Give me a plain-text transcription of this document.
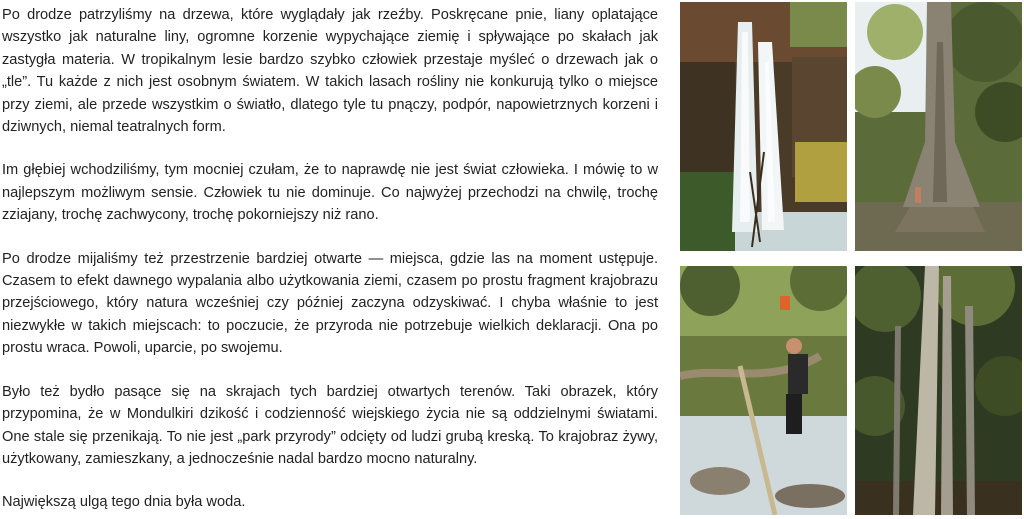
Po drodze patrzyliśmy na drzewa, które wyglądały jak rzeźby. Poskręcane pnie, liany oplatające wszystko jak naturalne liny, ogromne korzenie wypychające ziemię i spływające po skałach jak zastygła materia. W tropikalnym lesie bardzo szybko człowiek przestaje myśleć o drzewach jak o „tle”. Tu każde z nich jest osobnym światem. W takich lasach rośliny nie konkurują tylko o miejsce przy ziemi, ale przede wszystkim o światło, dlatego tyle tu pnączy, podpór, napowietrznych korzeni i dziwnych, niemal teatralnych form.

Im głębiej wchodziliśmy, tym mocniej czułam, że to naprawdę nie jest świat człowieka. I mówię to w najlepszym możliwym sensie. Człowiek tu nie dominuje. Co najwyżej przechodzi na chwilę, trochę zziajany, trochę zachwycony, trochę pokorniejszy niż rano.

Po drodze mijaliśmy też przestrzenie bardziej otwarte — miejsca, gdzie las na moment ustępuje. Czasem to efekt dawnego wypalania albo użytkowania ziemi, czasem po prostu fragment krajobrazu przejściowego, który natura wcześniej czy później zaczyna odzyskiwać. I chyba właśnie to jest niezwykłe w takich miejscach: to poczucie, że przyroda nie potrzebuje wielkich deklaracji. Ona po prostu wraca. Powoli, uparcie, po swojemu.

Było też bydło pasące się na skrajach tych bardziej otwartych terenów. Taki obrazek, który przypomina, że w Mondulkiri dzikość i codzienność wiejskiego życia nie są oddzielnymi światami. One stale się przenikają. To nie jest „park przyrody” odcięty od ludzi grubą kreską. To krajobraz żywy, użytkowany, zamieszkany, a jednocześnie nadal bardzo mocno naturalny.

Największą ulgą tego dnia była woda.
